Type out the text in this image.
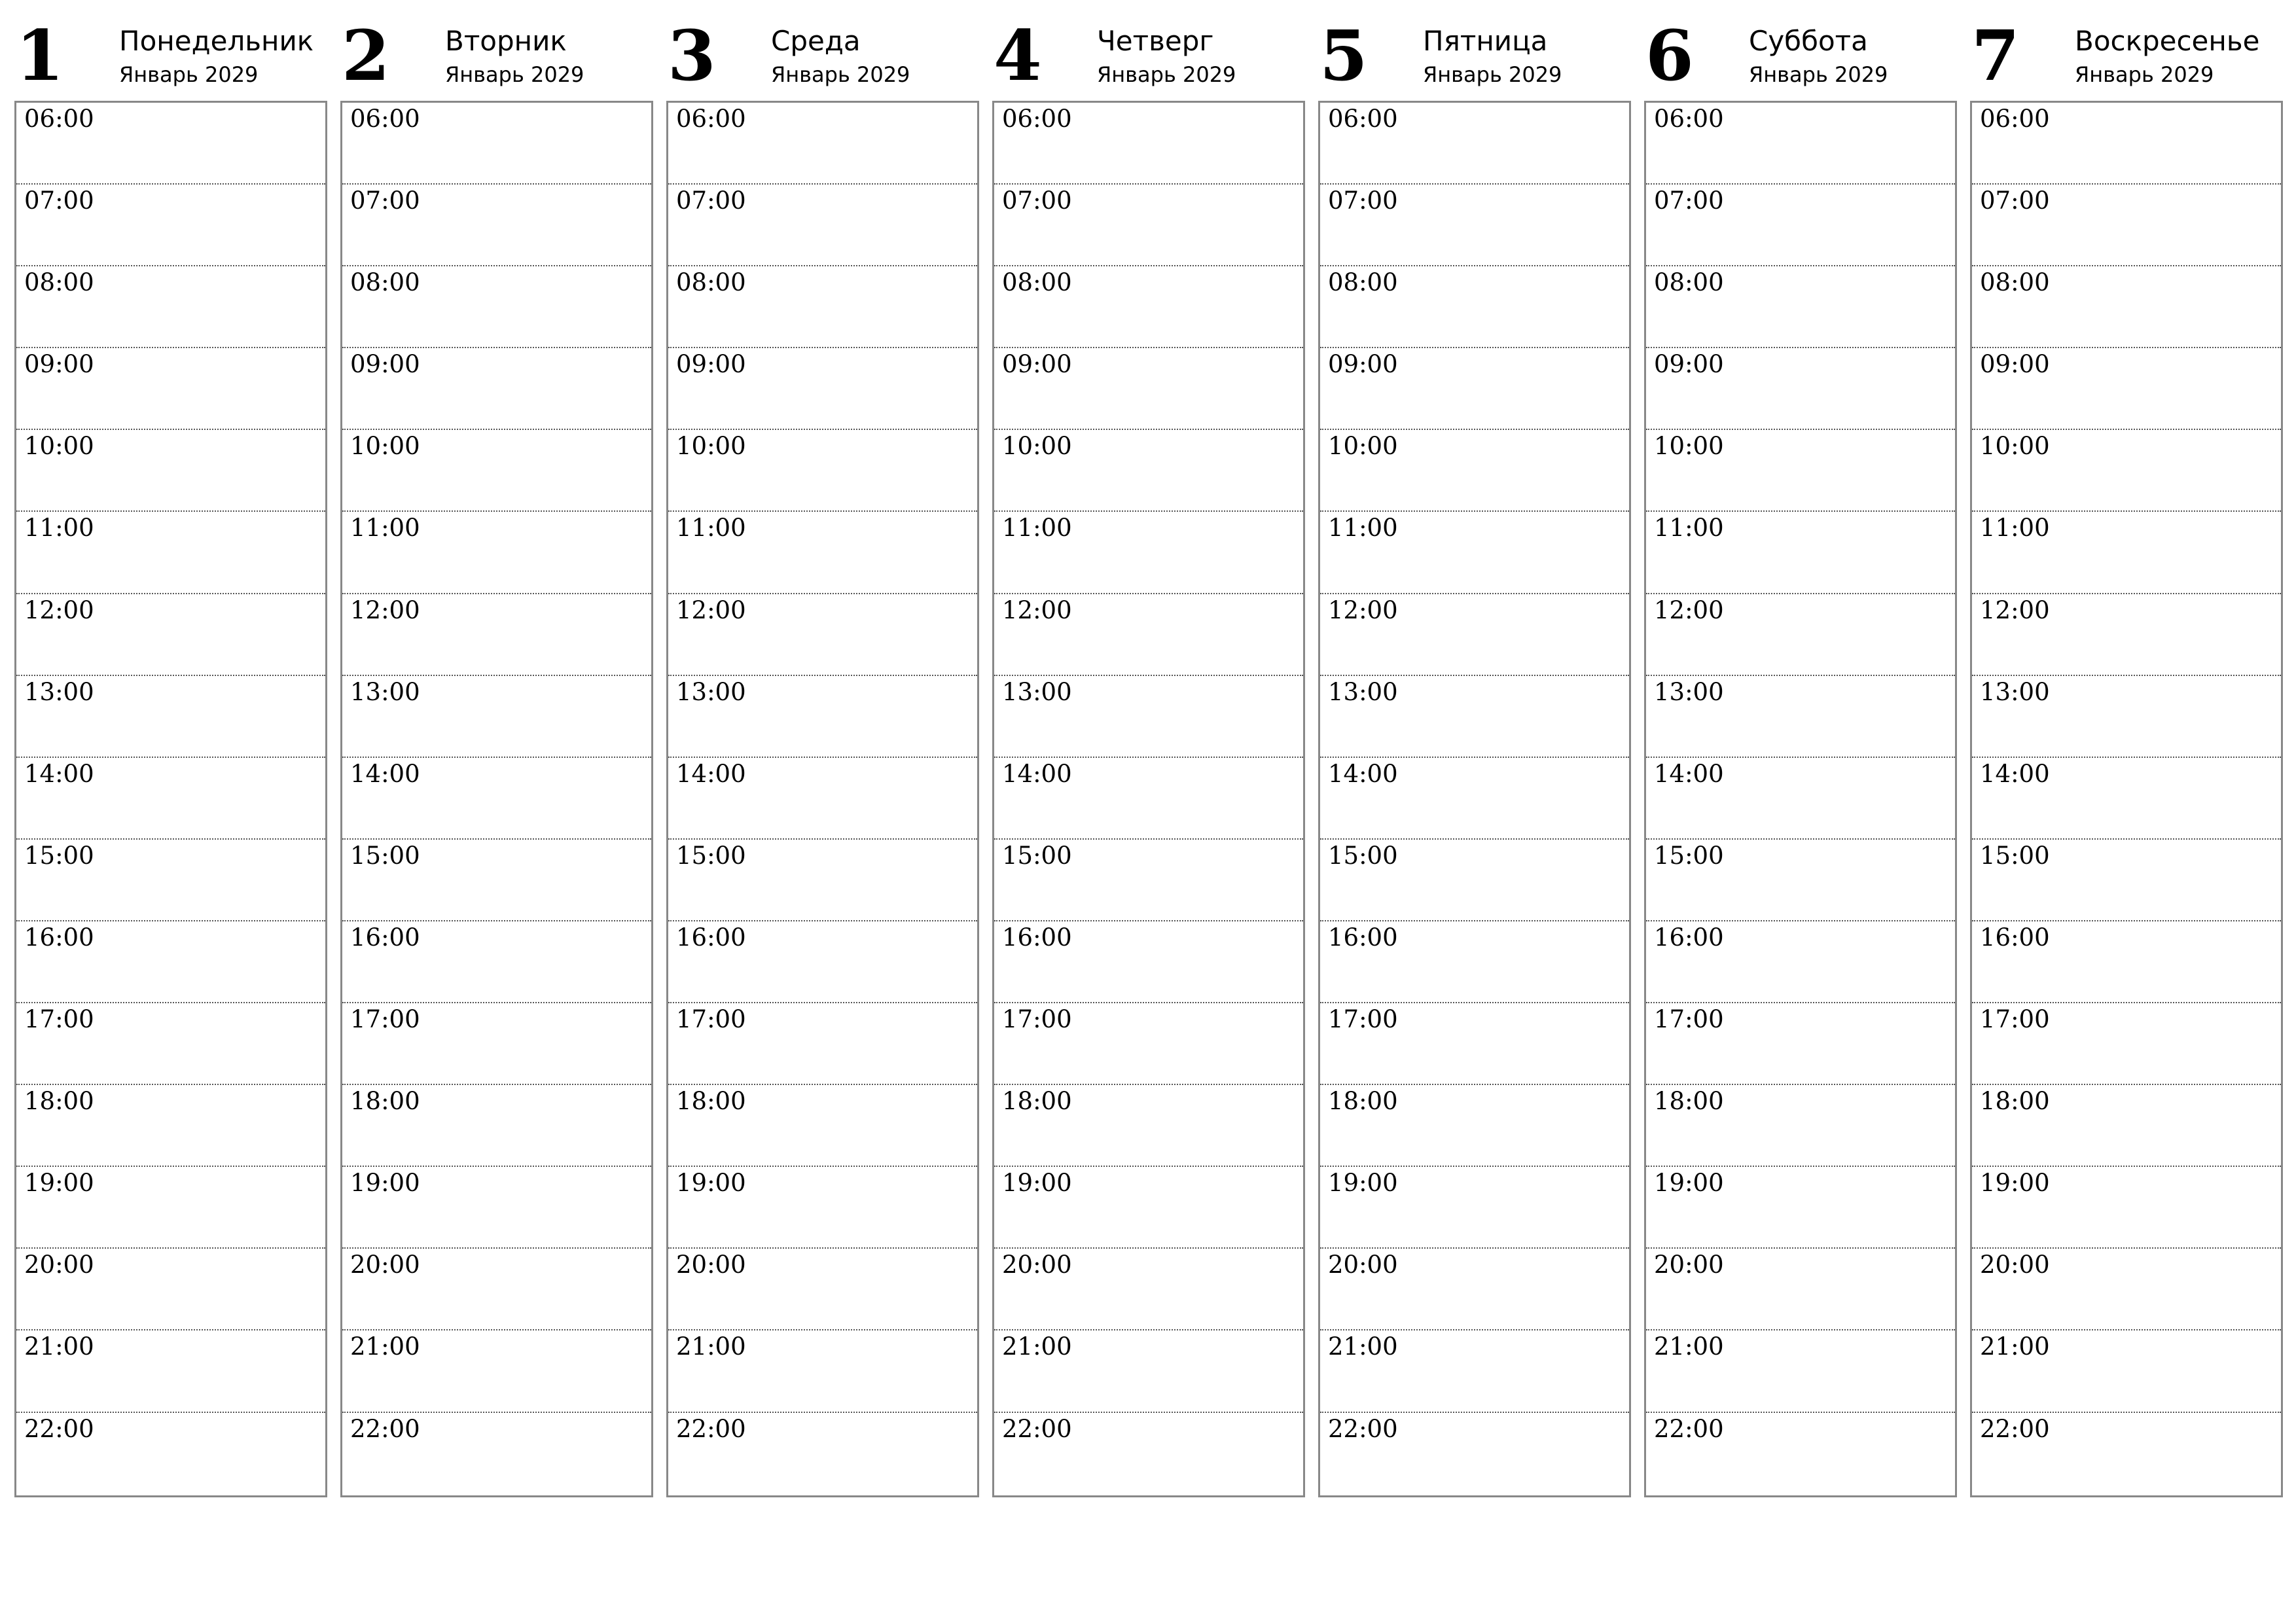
1 Понедельник
Январь 2029
06:00
07:00
08:00
09:00
10:00
11:00
12:00
13:00
14:00
15:00
16:00
17:00
18:00
19:00
20:00
21:00
22:00
2 Вторник
Январь 2029
06:00
07:00
08:00
09:00
10:00
11:00
12:00
13:00
14:00
15:00
16:00
17:00
18:00
19:00
20:00
21:00
22:00
3 Среда
Январь 2029
06:00
07:00
08:00
09:00
10:00
11:00
12:00
13:00
14:00
15:00
16:00
17:00
18:00
19:00
20:00
21:00
22:00
4 Четверг
Январь 2029
06:00
07:00
08:00
09:00
10:00
11:00
12:00
13:00
14:00
15:00
16:00
17:00
18:00
19:00
20:00
21:00
22:00
5 Пятница
Январь 2029
06:00
07:00
08:00
09:00
10:00
11:00
12:00
13:00
14:00
15:00
16:00
17:00
18:00
19:00
20:00
21:00
22:00
6 Суббота
Январь 2029
06:00
07:00
08:00
09:00
10:00
11:00
12:00
13:00
14:00
15:00
16:00
17:00
18:00
19:00
20:00
21:00
22:00
7 Воскресенье
Январь 2029
06:00
07:00
08:00
09:00
10:00
11:00
12:00
13:00
14:00
15:00
16:00
17:00
18:00
19:00
20:00
21:00
22:00
